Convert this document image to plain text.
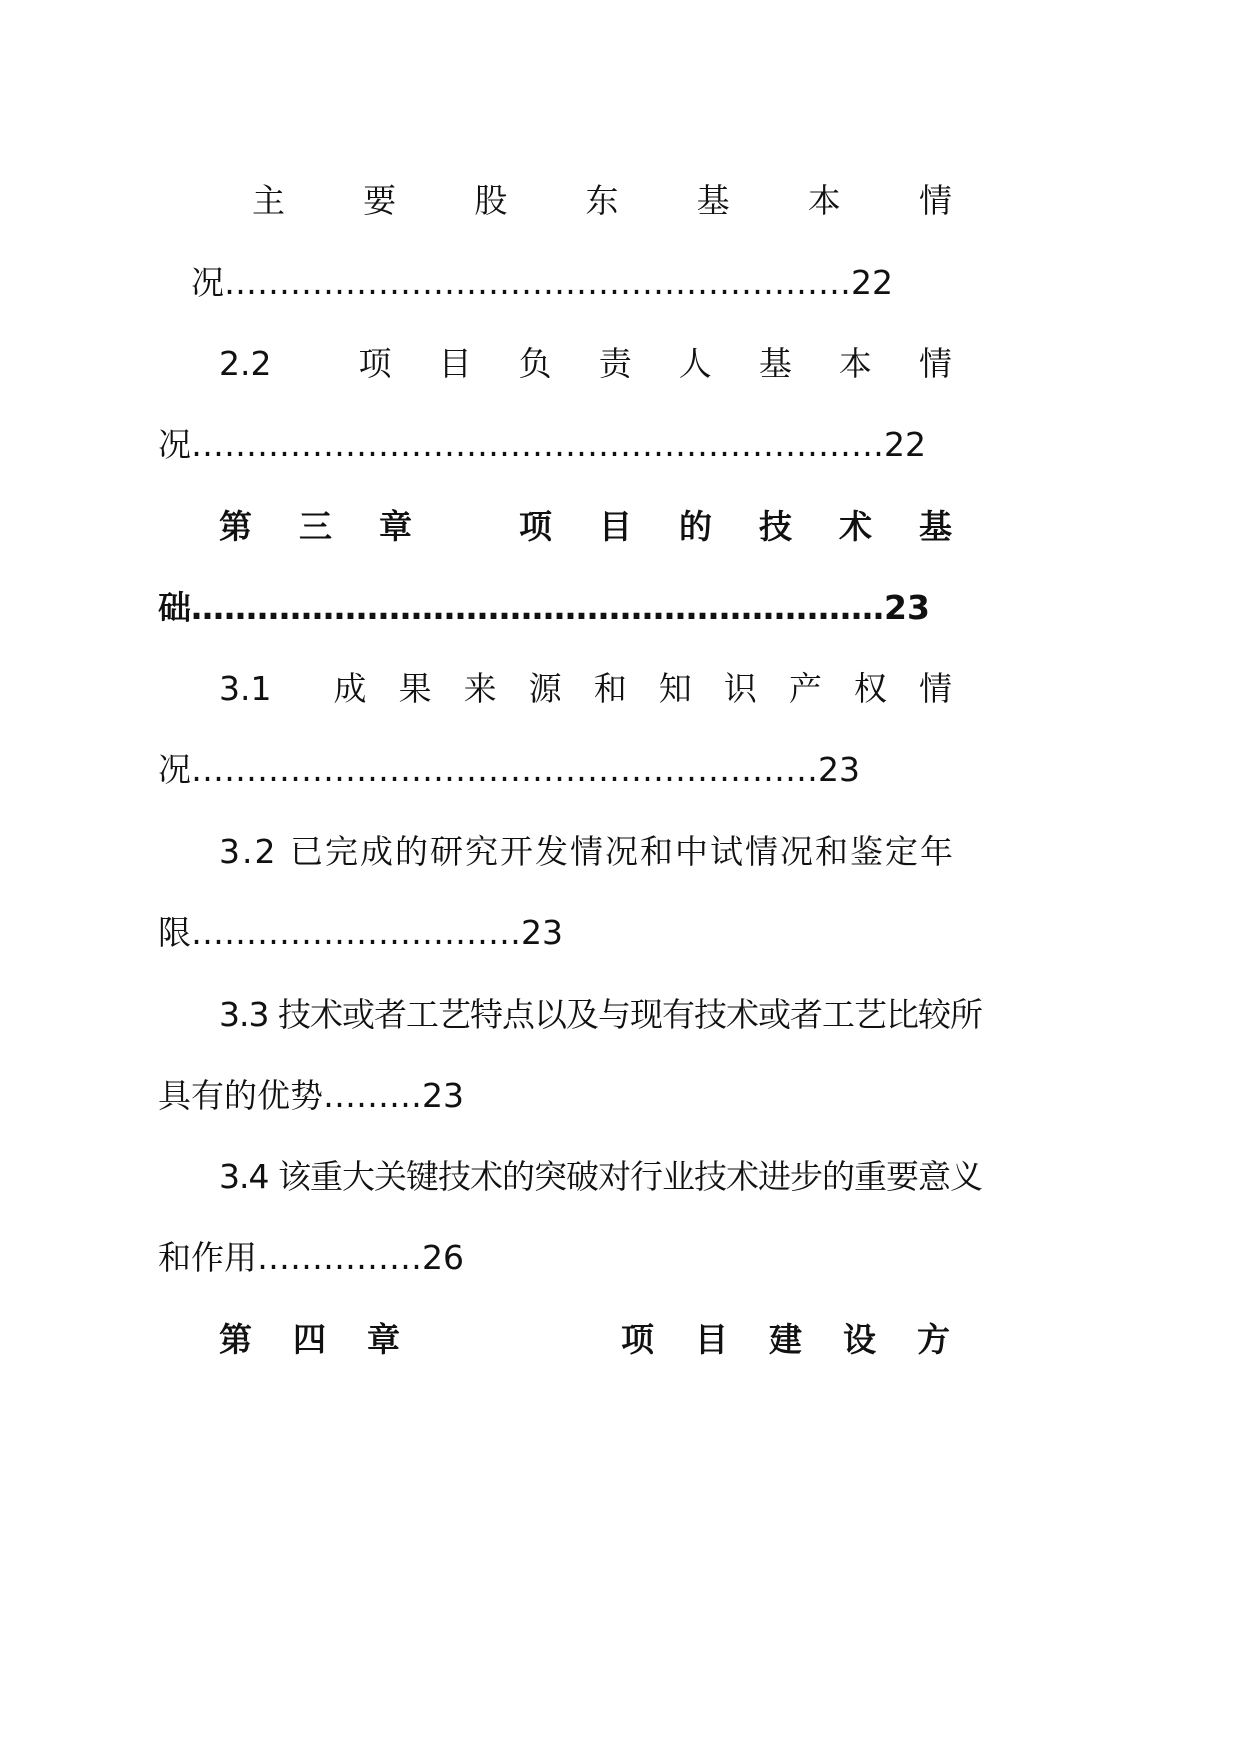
主 要 股 东 基 本 情
况…………………………………………………22
2.2	项 目 负 责 人 基 本 情
况………………………………………………………22
第 三 章	项 目 的 技 术 基
础………………………………………………………23
3.1 成 果 来 源 和 知 识 产 权 情
况…………………………………………………23
3.2 已完成的研究开发情况和中试情况和鉴定年
限…………………………23
3.3 技术或者工艺特点以及与现有技术或者工艺比较所
具有的优势………23
3.4 该重大关键技术的突破对行业技术进步的重要意义
和作用……………26
第 四 章	项 目 建 设 方
